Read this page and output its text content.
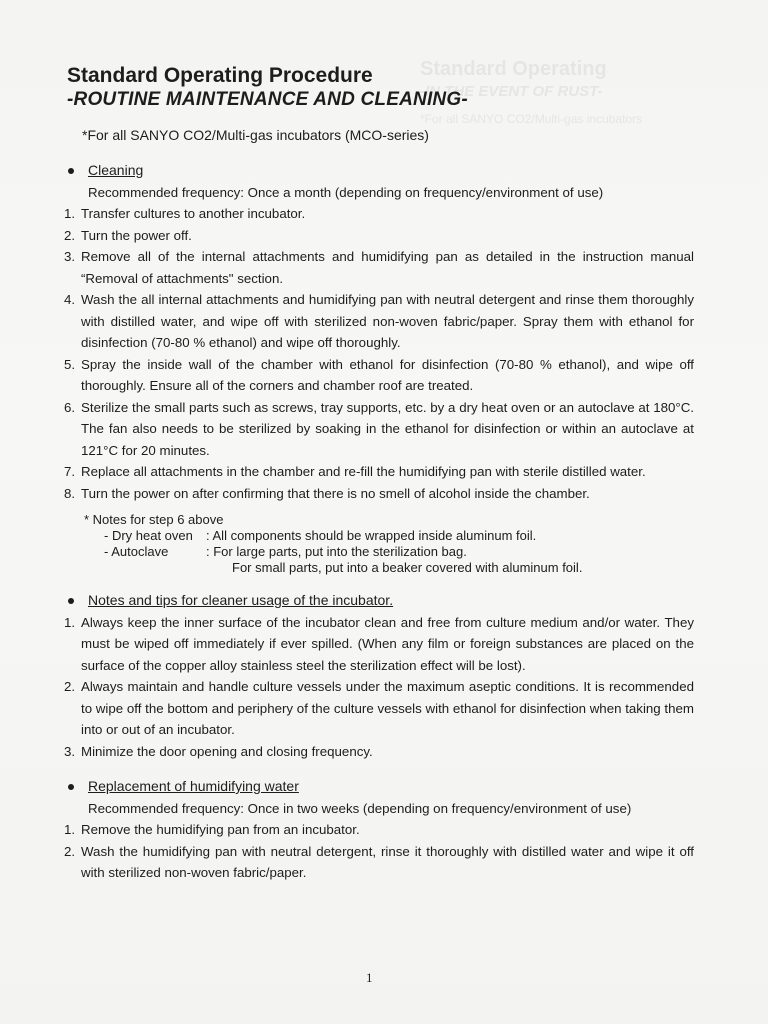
Standard Operating
-IN THE EVENT OF RUST-
*For all SANYO CO2/Multi-gas incubators
Standard Operating Procedure
-ROUTINE MAINTENANCE AND CLEANING-
*For all SANYO CO2/Multi-gas incubators (MCO-series)
Cleaning
Recommended frequency: Once a month (depending on frequency/environment of use)
1. Transfer cultures to another incubator.
2. Turn the power off.
3. Remove all of the internal attachments and humidifying pan as detailed in the instruction manual “Removal of attachments" section.
4. Wash the all internal attachments and humidifying pan with neutral detergent and rinse them thoroughly with distilled water, and wipe off with sterilized non-woven fabric/paper. Spray them with ethanol for disinfection (70-80 % ethanol) and wipe off thoroughly.
5. Spray the inside wall of the chamber with ethanol for disinfection (70-80 % ethanol), and wipe off thoroughly. Ensure all of the corners and chamber roof are treated.
6. Sterilize the small parts such as screws, tray supports, etc. by a dry heat oven or an autoclave at 180°C. The fan also needs to be sterilized by soaking in the ethanol for disinfection or within an autoclave at 121°C for 20 minutes.
7. Replace all attachments in the chamber and re-fill the humidifying pan with sterile distilled water.
8. Turn the power on after confirming that there is no smell of alcohol inside the chamber.
* Notes for step 6 above
- Dry heat oven	: All components should be wrapped inside aluminum foil.
- Autoclave	: For large parts, put into the sterilization bag.
For small parts, put into a beaker covered with aluminum foil.
Notes and tips for cleaner usage of the incubator.
1. Always keep the inner surface of the incubator clean and free from culture medium and/or water. They must be wiped off immediately if ever spilled. (When any film or foreign substances are placed on the surface of the copper alloy stainless steel the sterilization effect will be lost).
2. Always maintain and handle culture vessels under the maximum aseptic conditions. It is recommended to wipe off the bottom and periphery of the culture vessels with ethanol for disinfection when taking them into or out of an incubator.
3. Minimize the door opening and closing frequency.
Replacement of humidifying water
Recommended frequency: Once in two weeks (depending on frequency/environment of use)
1. Remove the humidifying pan from an incubator.
2. Wash the humidifying pan with neutral detergent, rinse it thoroughly with distilled water and wipe it off with sterilized non-woven fabric/paper.
1
